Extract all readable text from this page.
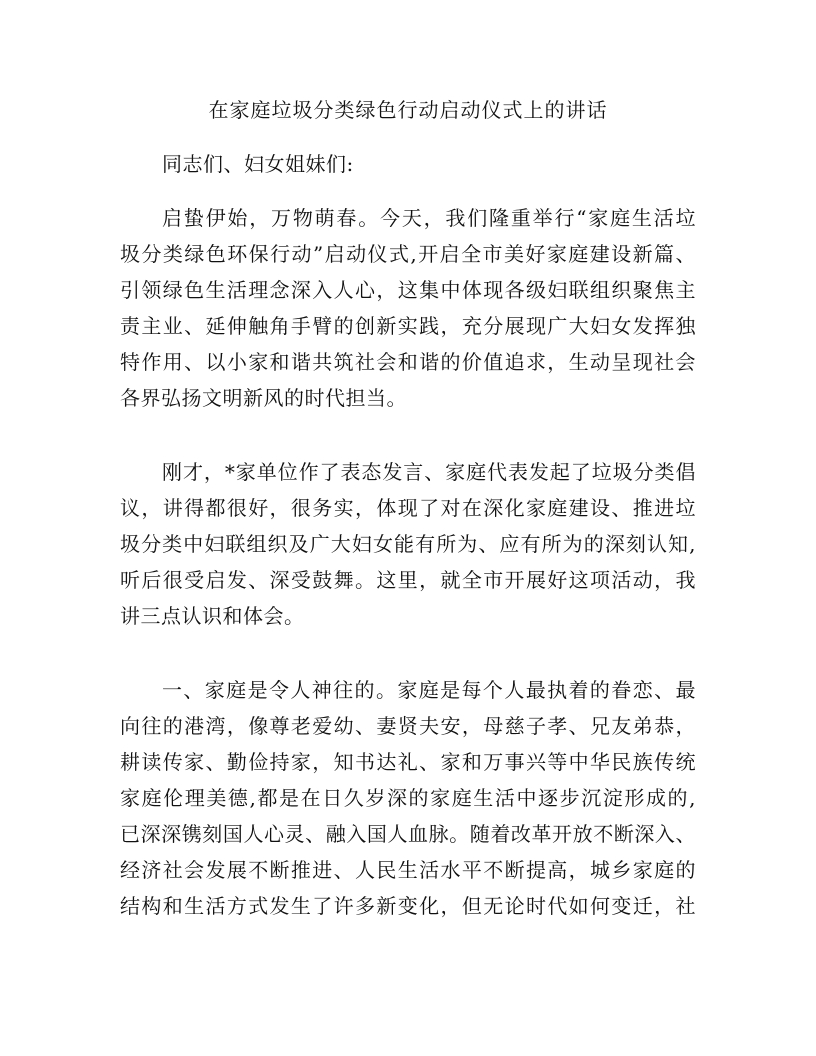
在家庭垃圾分类绿色行动启动仪式上的讲话
同志们、妇女姐妹们:
启蛰伊始，万物萌春。今天，我们隆重举行“家庭生活垃
圾分类绿色环保行动”启动仪式,开启全市美好家庭建设新篇、
引领绿色生活理念深入人心，这集中体现各级妇联组织聚焦主
责主业、延伸触角手臂的创新实践，充分展现广大妇女发挥独
特作用、以小家和谐共筑社会和谐的价值追求，生动呈现社会
各界弘扬文明新风的时代担当。
刚才，*家单位作了表态发言、家庭代表发起了垃圾分类倡
议，讲得都很好，很务实，体现了对在深化家庭建设、推进垃
圾分类中妇联组织及广大妇女能有所为、应有所为的深刻认知,
听后很受启发、深受鼓舞。这里，就全市开展好这项活动，我
讲三点认识和体会。
一、家庭是令人神往的。家庭是每个人最执着的眷恋、最
向往的港湾，像尊老爱幼、妻贤夫安，母慈子孝、兄友弟恭，
耕读传家、勤俭持家，知书达礼、家和万事兴等中华民族传统
家庭伦理美德,都是在日久岁深的家庭生活中逐步沉淀形成的,
已深深镌刻国人心灵、融入国人血脉。随着改革开放不断深入、
经济社会发展不断推进、人民生活水平不断提高，城乡家庭的
结构和生活方式发生了许多新变化，但无论时代如何变迁，社
